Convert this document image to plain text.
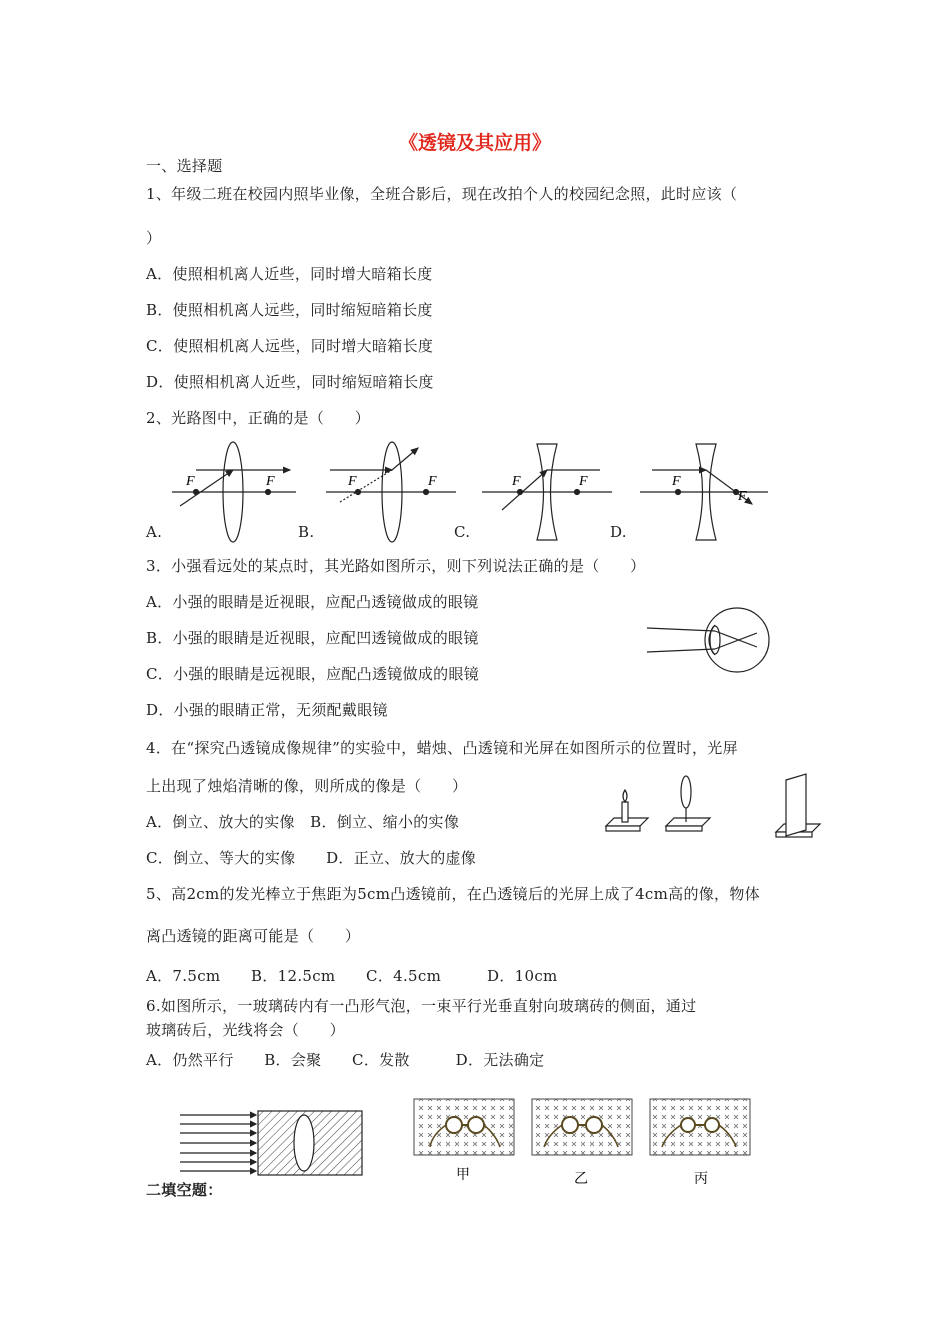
《透镜及其应用》
一、选择题
1、年级二班在校园内照毕业像，全班合影后，现在改拍个人的校园纪念照，此时应该（
）
A．使照相机离人近些，同时增大暗箱长度
B．使照相机离人远些，同时缩短暗箱长度
C．使照相机离人远些，同时增大暗箱长度
D．使照相机离人近些，同时缩短暗箱长度
2、光路图中，正确的是（　　）
F	F	F	F	F	F	F
F
A.	B.	C.	D.
3．小强看远处的某点时，其光路如图所示，则下列说法正确的是（　　）
A．小强的眼睛是近视眼，应配凸透镜做成的眼镜
B．小强的眼睛是近视眼，应配凹透镜做成的眼镜
C．小强的眼睛是远视眼，应配凸透镜做成的眼镜
D．小强的眼睛正常，无须配戴眼镜
4．在“探究凸透镜成像规律”的实验中，蜡烛、凸透镜和光屏在如图所示的位置时，光屏
上出现了烛焰清晰的像，则所成的像是（　　）
A．倒立、放大的实像　B．倒立、缩小的实像
C．倒立、等大的实像　　D．正立、放大的虚像
5、高2cm的发光棒立于焦距为5cm凸透镜前，在凸透镜后的光屏上成了4cm高的像，物体
离凸透镜的距离可能是（　　）
A．7.5cm　　B．12.5cm　　C．4.5cm　　　D．10cm
6.如图所示，一玻璃砖内有一凸形气泡，一束平行光垂直射向玻璃砖的侧面，通过
玻璃砖后，光线将会（　　）
A．仍然平行　　B．会聚　　C．发散　　　D．无法确定
甲	乙	丙
二填空题：
